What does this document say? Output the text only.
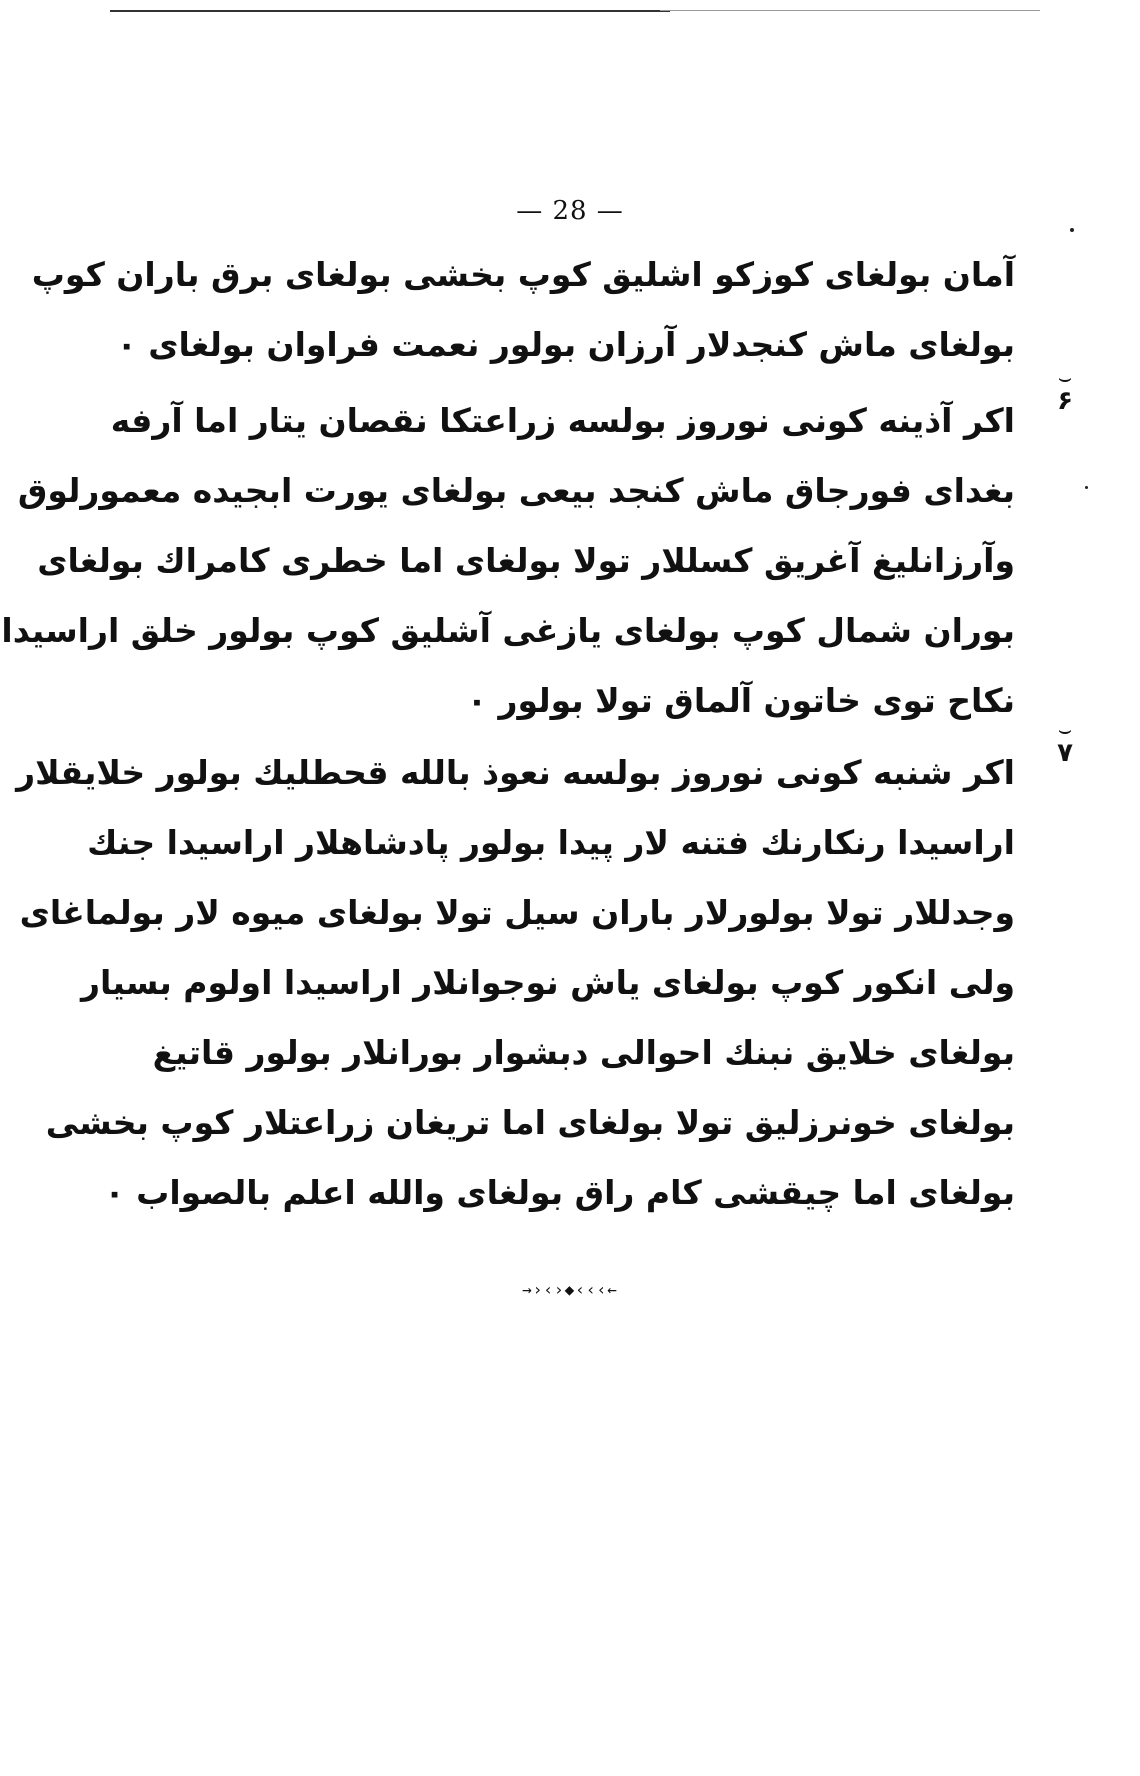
— 28 —
آمان بولغای کوزکو اشلیق کوپ بخشی بولغای برق باران کوپ
بولغای ماش کنجدلار آرزان بولور نعمت فراوان بولغای ۰
⌣
۶
اکر آذینه کونی نوروز بولسه زراعتکا نقصان یتار اما آرفه
بغدای فورجاق ماش کنجد بیعی بولغای یورت ابجیده معمورلوق
وآرزانلیغ آغریق کسللار تولا بولغای اما خطری کامراك بولغای
بوران شمال کوپ بولغای یازغی آشلیق کوپ بولور خلق اراسیدا
نکاح توی خاتون آلماق تولا بولور ۰
⌣
۷
اکر شنبه کونی نوروز بولسه نعوذ بالله قحطلیك بولور خلایقلار
اراسیدا رنکارنك فتنه لار پیدا بولور پادشاهلار اراسیدا جنك
وجدللار تولا بولورلار باران سیل تولا بولغای میوه لار بولماغای
ولی انکور کوپ بولغای یاش نوجوانلار اراسیدا اولوم بسیار
بولغای خلایق نبنك احوالی دبشوار بورانلار بولور قاتیغ
بولغای خونرزلیق تولا بولغای اما تریغان زراعتلار کوپ بخشی
بولغای اما چیقشی کام راق بولغای والله اعلم بالصواب ۰
→›‹›◆‹‹‹←
